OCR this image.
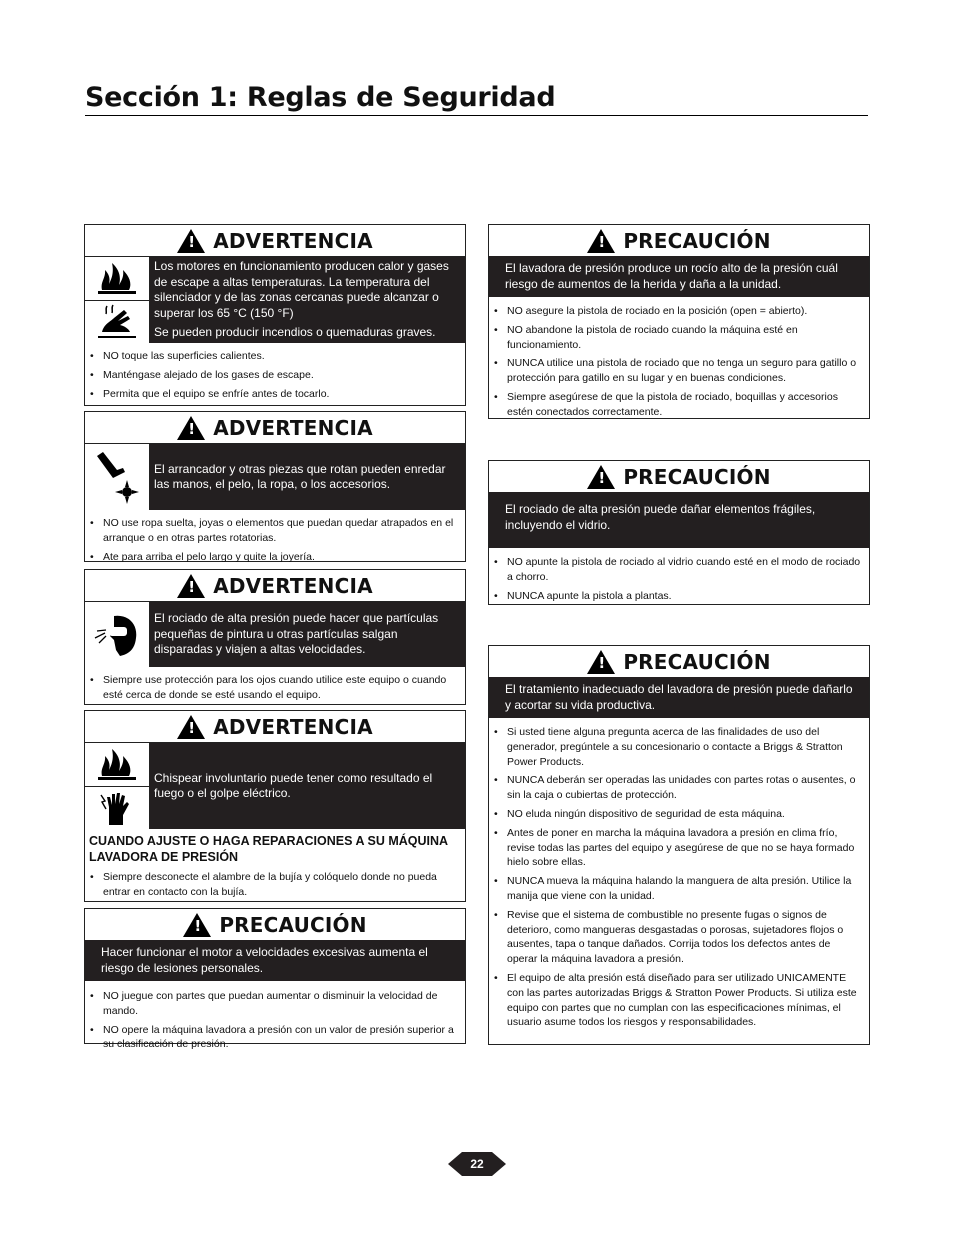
Sección 1: Reglas de Seguridad
! ADVERTENCIA

Los motores en funcionamiento producen calor y gases de escape a altas temperaturas. La temperatura del silenciador y de las zonas cercanas puede alcanzar o superar los 65 °C (150 °F)

Se pueden producir incendios o quemaduras graves.

• NO toque las superficies calientes.
• Manténgase alejado de los gases de escape.
• Permita que el equipo se enfríe antes de tocarlo.
! ADVERTENCIA

El arrancador y otras piezas que rotan pueden enredar las manos, el pelo, la ropa, o los accesorios.

• NO use ropa suelta, joyas o elementos que puedan quedar atrapados en el arranque o en otras partes rotatorias.
• Ate para arriba el pelo largo y quite la joyería.
! ADVERTENCIA

El rociado de alta presión puede hacer que partículas pequeñas de pintura u otras partículas salgan disparadas y viajen a altas velocidades.

• Siempre use protección para los ojos cuando utilice este equipo o cuando esté cerca de donde se esté usando el equipo.
! ADVERTENCIA

Chispear involuntario puede tener como resultado el fuego o el golpe eléctrico.

CUANDO AJUSTE O HAGA REPARACIONES A SU MÁQUINA LAVADORA DE PRESIÓN
• Siempre desconecte el alambre de la bujía y colóquelo donde no pueda entrar en contacto con la bujía.
! PRECAUCIÓN

Hacer funcionar el motor a velocidades excesivas aumenta el riesgo de lesiones personales.

• NO juegue con partes que puedan aumentar o disminuir la velocidad de mando.
• NO opere la máquina lavadora a presión con un valor de presión superior a su clasificación de presión.
! PRECAUCIÓN

El lavadora de presión produce un rocío alto de la presión cuál riesgo de aumentos de la herida y daña a la unidad.

• NO asegure la pistola de rociado en la posición (open = abierto).
• NO abandone la pistola de rociado cuando la máquina esté en funcionamiento.
• NUNCA utilice una pistola de rociado que no tenga un seguro para gatillo o protección para gatillo en su lugar y en buenas condiciones.
• Siempre asegúrese de que la pistola de rociado, boquillas y accesorios estén conectados correctamente.
! PRECAUCIÓN

El rociado de alta presión puede dañar elementos frágiles, incluyendo el vidrio.

• NO apunte la pistola de rociado al vidrio cuando esté en el modo de rociado a chorro.
• NUNCA apunte la pistola a plantas.
! PRECAUCIÓN

El tratamiento inadecuado del lavadora de presión puede dañarlo y acortar su vida productiva.

• Si usted tiene alguna pregunta acerca de las finalidades de uso del generador, pregúntele a su concesionario o contacte a Briggs & Stratton Power Products.
• NUNCA deberán ser operadas las unidades con partes rotas o ausentes, o sin la caja o cubiertas de protección.
• NO eluda ningún dispositivo de seguridad de esta máquina.
• Antes de poner en marcha la máquina lavadora a presión en clima frío, revise todas las partes del equipo y asegúrese de que no se haya formado hielo sobre ellas.
• NUNCA mueva la máquina halando la manguera de alta presión. Utilice la manija que viene con la unidad.
• Revise que el sistema de combustible no presente fugas o signos de deterioro, como mangueras desgastadas o porosas, sujetadores flojos o ausentes, tapa o tanque dañados. Corrija todos los defectos antes de operar la máquina lavadora a presión.
• El equipo de alta presión está diseñado para ser utilizado UNICAMENTE con las partes autorizadas Briggs & Stratton Power Products. Si utiliza este equipo con partes que no cumplan con las especificaciones mínimas, el usuario asume todos los riesgos y responsabilidades.
22
